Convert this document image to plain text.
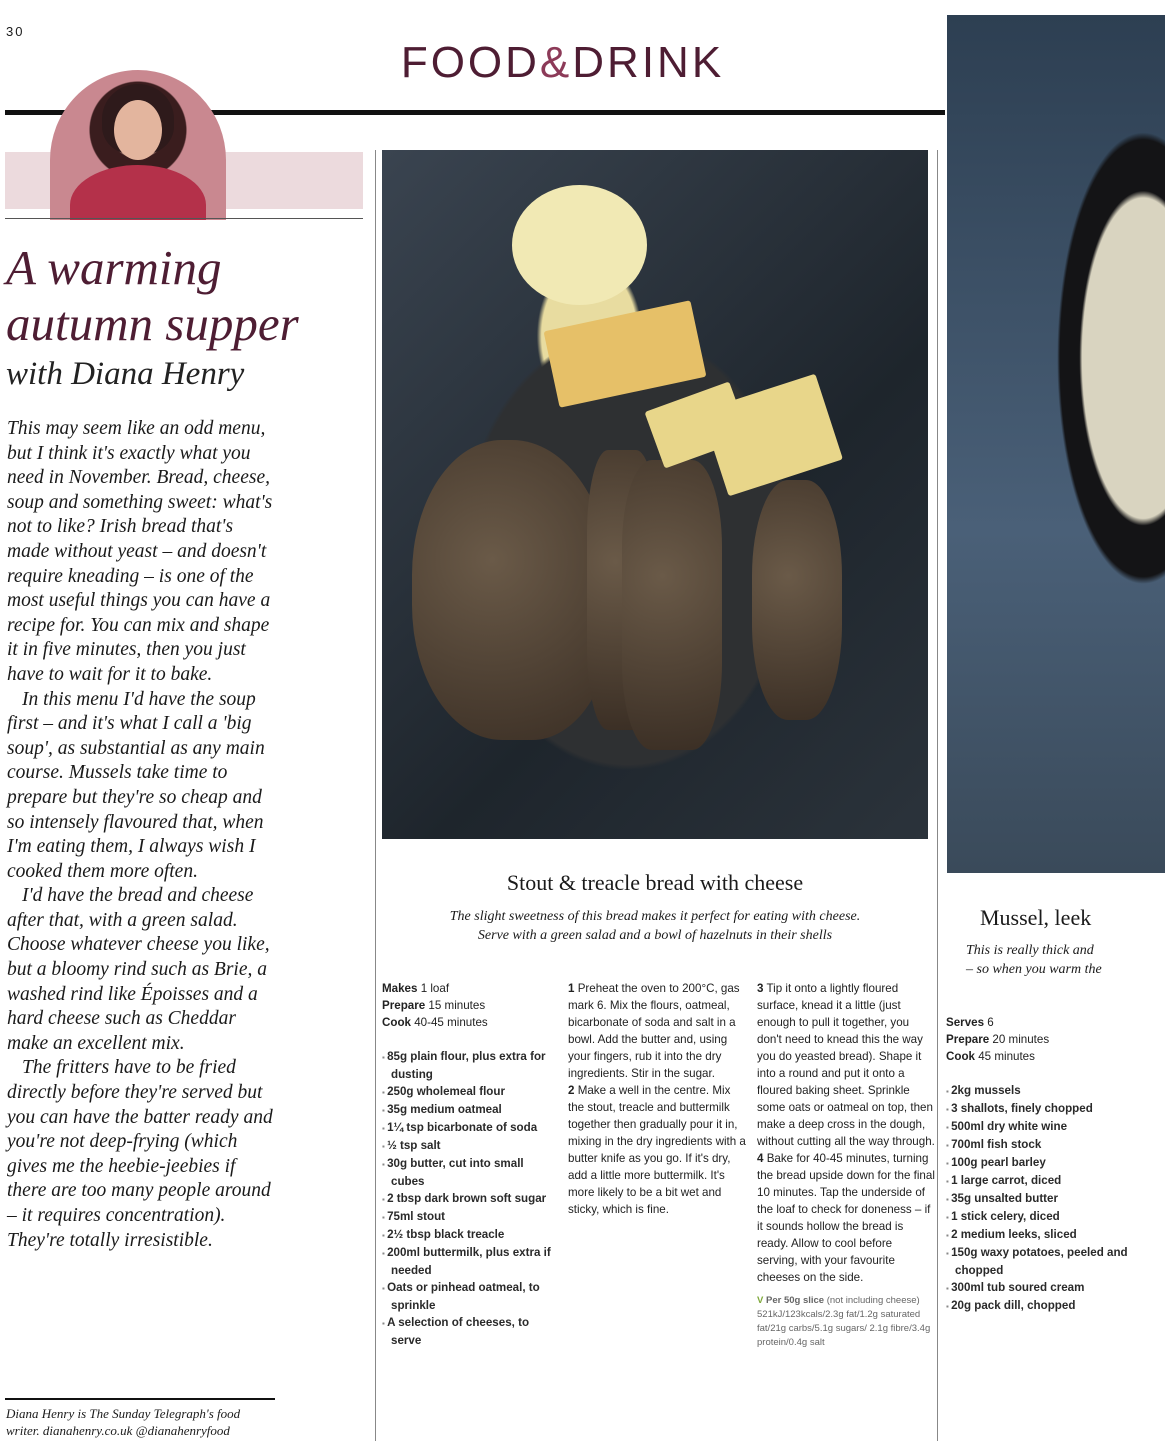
30
FOOD&DRINK
A warming
autumn supper
with Diana Henry

This may seem like an odd menu, but I think it's exactly what you need in November. Bread, cheese, soup and something sweet: what's not to like? Irish bread that's made without yeast – and doesn't require kneading – is one of the most useful things you can have a recipe for. You can mix and shape it in five minutes, then you just have to wait for it to bake.

In this menu I'd have the soup first – and it's what I call a 'big soup', as substantial as any main course. Mussels take time to prepare but they're so cheap and so intensely flavoured that, when I'm eating them, I always wish I cooked them more often.

I'd have the bread and cheese after that, with a green salad. Choose whatever cheese you like, but a bloomy rind such as Brie, a washed rind like Époisses and a hard cheese such as Cheddar make an excellent mix.

The fritters have to be fried directly before they're served but you can have the batter ready and you're not deep-frying (which gives me the heebie-jeebies if there are too many people around – it requires concentration). They're totally irresistible.

Diana Henry is The Sunday Telegraph's food
writer. dianahenry.co.uk @dianahenryfood
Stout & treacle bread with cheese
The slight sweetness of this bread makes it perfect for eating with cheese.
Serve with a green salad and a bowl of hazelnuts in their shells
Makes 1 loaf
Prepare 15 minutes
Cook 40-45 minutes
▪ 85g plain flour, plus extra for dusting
▪ 250g wholemeal flour
▪ 35g medium oatmeal
▪ 1¼ tsp bicarbonate of soda
▪ ½ tsp salt
▪ 30g butter, cut into small cubes
▪ 2 tbsp dark brown soft sugar
▪ 75ml stout
▪ 2½ tbsp black treacle
▪ 200ml buttermilk, plus extra if needed
▪ Oats or pinhead oatmeal, to sprinkle
▪ A selection of cheeses, to serve
1 Preheat the oven to 200°C, gas mark 6. Mix the flours, oatmeal, bicarbonate of soda and salt in a bowl. Add the butter and, using your fingers, rub it into the dry ingredients. Stir in the sugar.
2 Make a well in the centre. Mix the stout, treacle and buttermilk together then gradually pour it in, mixing in the dry ingredients with a butter knife as you go. If it's dry, add a little more buttermilk. It's more likely to be a bit wet and sticky, which is fine.
3 Tip it onto a lightly floured surface, knead it a little (just enough to pull it together, you don't need to knead this the way you do yeasted bread). Shape it into a round and put it onto a floured baking sheet. Sprinkle some oats or oatmeal on top, then make a deep cross in the dough, without cutting all the way through.
4 Bake for 40-45 minutes, turning the bread upside down for the final 10 minutes. Tap the underside of the loaf to check for doneness – if it sounds hollow the bread is ready. Allow to cool before serving, with your favourite cheeses on the side.
V Per 50g slice (not including cheese) 521kJ/123kcals/2.3g fat/1.2g saturated fat/21g carbs/5.1g sugars/ 2.1g fibre/3.4g protein/0.4g salt
Mussel, leek
This is really thick and
– so when you warm the
Serves 6
Prepare 20 minutes
Cook 45 minutes
▪ 2kg mussels
▪ 3 shallots, finely chopped
▪ 500ml dry white wine
▪ 700ml fish stock
▪ 100g pearl barley
▪ 1 large carrot, diced
▪ 35g unsalted butter
▪ 1 stick celery, diced
▪ 2 medium leeks, sliced
▪ 150g waxy potatoes, peeled and chopped
▪ 300ml tub soured cream
▪ 20g pack dill, chopped
